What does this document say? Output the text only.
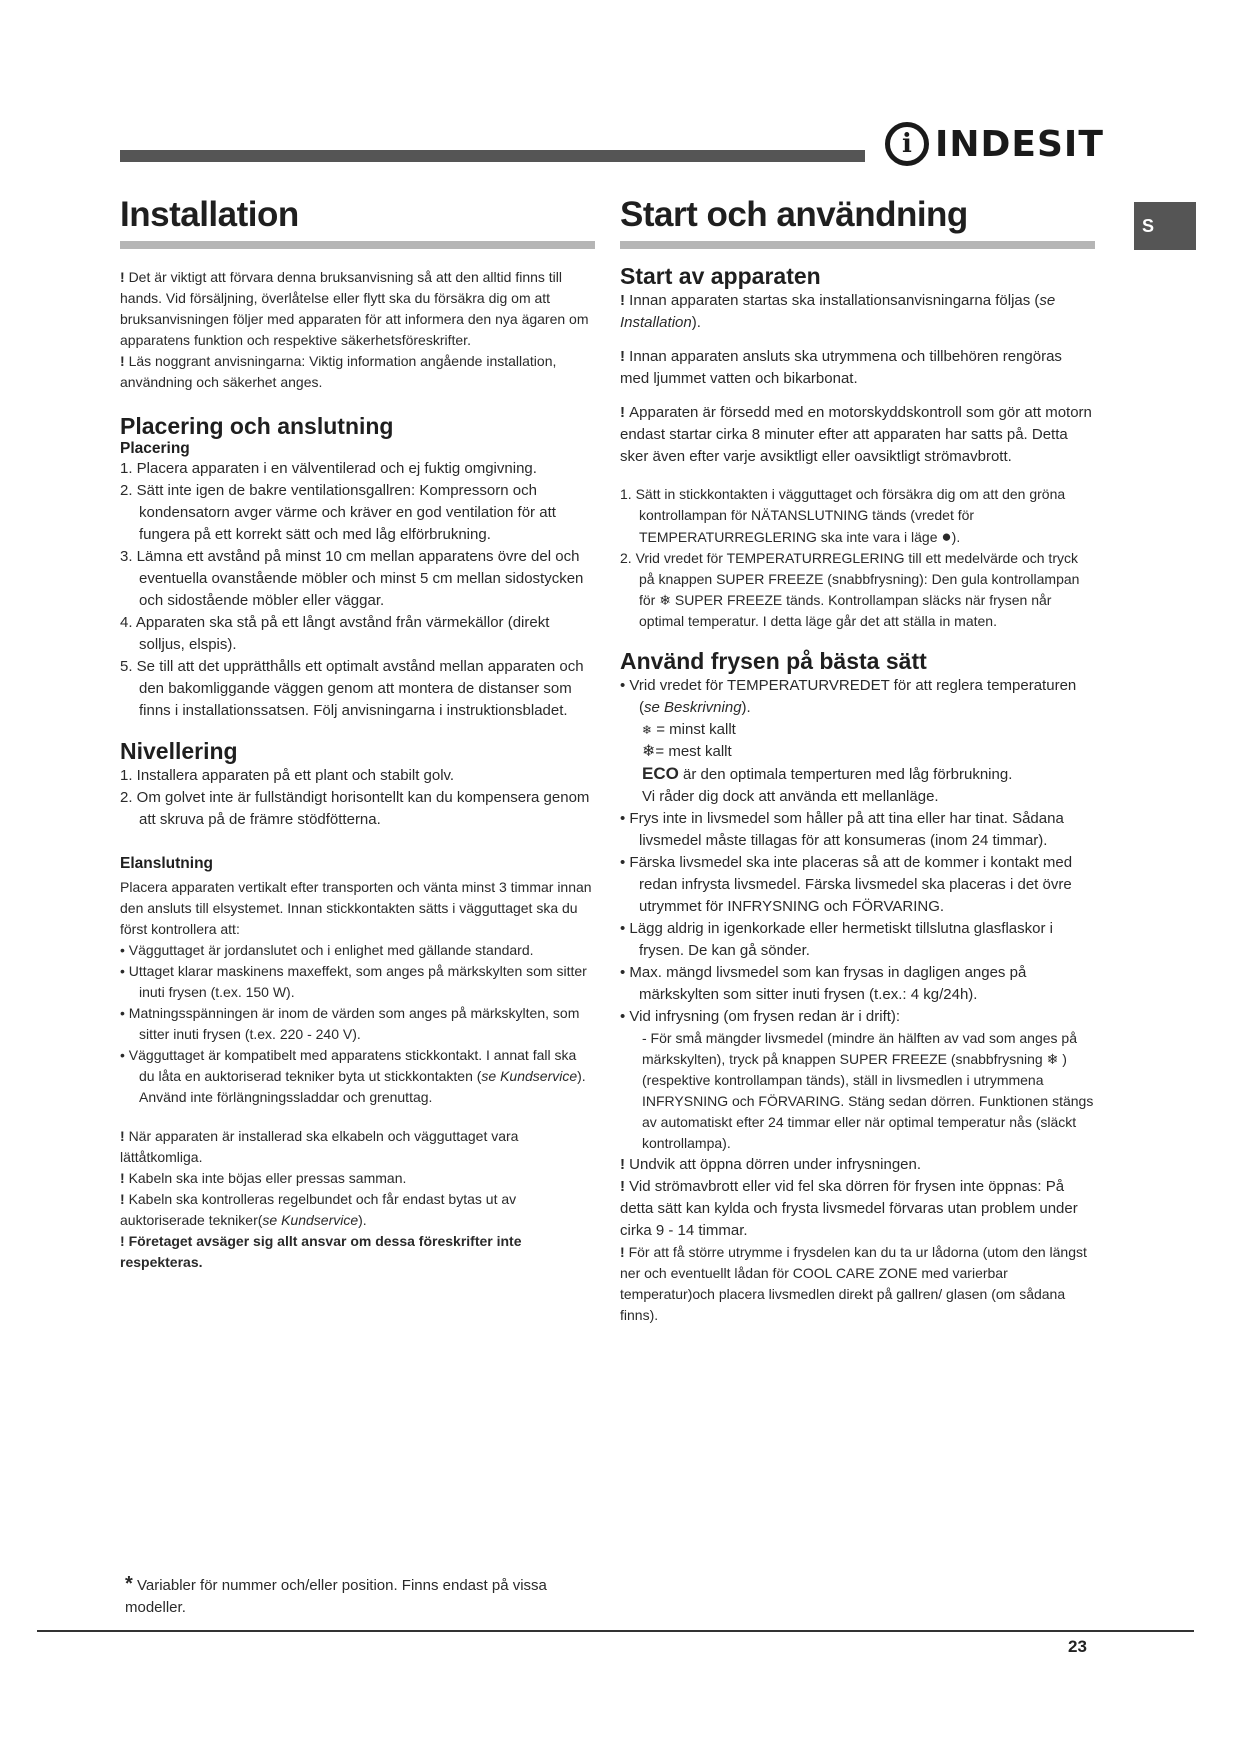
i INDESIT
S
Installation

! Det är viktigt att förvara denna bruksanvisning så att den alltid finns till hands. Vid försäljning, överlåtelse eller flytt ska du försäkra dig om att bruksanvisningen följer med apparaten för att informera den nya ägaren om apparatens funktion och respektive säkerhetsföreskrifter.

! Läs noggrant anvisningarna: Viktig information angående installation, användning och säkerhet anges.

Placering och anslutning
Placering
1. Placera apparaten i en välventilerad och ej fuktig omgivning.
2. Sätt inte igen de bakre ventilationsgallren: Kompressorn och kondensatorn avger värme och kräver en god ventilation för att fungera på ett korrekt sätt och med låg elförbrukning.
3. Lämna ett avstånd på minst 10 cm mellan apparatens övre del och eventuella ovanstående möbler och minst 5 cm mellan sidostycken och sidostående möbler eller väggar.
4. Apparaten ska stå på ett långt avstånd från värmekällor (direkt solljus, elspis).
5. Se till att det upprätthålls ett optimalt avstånd mellan apparaten och den bakomliggande väggen genom att montera de distanser som finns i installationssatsen. Följ anvisningarna i instruktionsbladet.
Nivellering
1. Installera apparaten på ett plant och stabilt golv.
2. Om golvet inte är fullständigt horisontellt kan du kompensera genom att skruva på de främre stödfötterna.
Elanslutning

Placera apparaten vertikalt efter transporten och vänta minst 3 timmar innan den ansluts till elsystemet. Innan stickkontakten sätts i vägguttaget ska du först kontrollera att:

• Vägguttaget är jordanslutet och i enlighet med gällande standard.
• Uttaget klarar maskinens maxeffekt, som anges på märkskylten som sitter inuti frysen (t.ex. 150 W).
• Matningsspänningen är inom de värden som anges på märkskylten, som sitter inuti frysen (t.ex. 220 - 240 V).
• Vägguttaget är kompatibelt med apparatens stickkontakt. I annat fall ska du låta en auktoriserad tekniker byta ut stickkontakten (se Kundservice). Använd inte förlängningssladdar och grenuttag.

! När apparaten är installerad ska elkabeln och vägguttaget vara lättåtkomliga.

! Kabeln ska inte böjas eller pressas samman.

! Kabeln ska kontrolleras regelbundet och får endast bytas ut av auktoriserade tekniker(se Kundservice).

! Företaget avsäger sig allt ansvar om dessa föreskrifter inte respekteras.

* Variabler för nummer och/eller position. Finns endast på vissa modeller.
Start och användning
Start av apparaten

! Innan apparaten startas ska installationsanvisningarna följas (se Installation).

! Innan apparaten ansluts ska utrymmena och tillbehören rengöras med ljummet vatten och bikarbonat.

! Apparaten är försedd med en motorskyddskontroll som gör att motorn endast startar cirka 8 minuter efter att apparaten har satts på. Detta sker även efter varje avsiktligt eller oavsiktligt strömavbrott.

1. Sätt in stickkontakten i vägguttaget och försäkra dig om att den gröna kontrollampan för NÄTANSLUTNING tänds (vredet för TEMPERATURREGLERING ska inte vara i läge ●).
2. Vrid vredet för TEMPERATURREGLERING till ett medelvärde och tryck på knappen SUPER FREEZE (snabbfrysning): Den gula kontrollampan för ❄ SUPER FREEZE tänds. Kontrollampan släcks när frysen når optimal temperatur. I detta läge går det att ställa in maten.
Använd frysen på bästa sätt
• Vrid vredet för TEMPERATURVREDET för att reglera temperaturen (se Beskrivning).

❄ = minst kallt

❄= mest kallt

ECO är den optimala temperturen med låg förbrukning.

Vi råder dig dock att använda ett mellanläge.

• Frys inte in livsmedel som håller på att tina eller har tinat. Sådana livsmedel måste tillagas för att konsumeras (inom 24 timmar).
• Färska livsmedel ska inte placeras så att de kommer i kontakt med redan infrysta livsmedel. Färska livsmedel ska placeras i det övre utrymmet för INFRYSNING och FÖRVARING.
• Lägg aldrig in igenkorkade eller hermetiskt tillslutna glasflaskor i frysen. De kan gå sönder.
• Max. mängd livsmedel som kan frysas in dagligen anges på märkskylten som sitter inuti frysen (t.ex.: 4 kg/24h).
• Vid infrysning (om frysen redan är i drift):

- För små mängder livsmedel (mindre än hälften av vad som anges på märkskylten), tryck på knappen SUPER FREEZE (snabbfrysning ❄ ) (respektive kontrollampan tänds), ställ in livsmedlen i utrymmena INFRYSNING och FÖRVARING. Stäng sedan dörren. Funktionen stängs av automatiskt efter 24 timmar eller när optimal temperatur nås (släckt kontrollampa).

! Undvik att öppna dörren under infrysningen.

! Vid strömavbrott eller vid fel ska dörren för frysen inte öppnas: På detta sätt kan kylda och frysta livsmedel förvaras utan problem under cirka 9 - 14 timmar.

! För att få större utrymme i frysdelen kan du ta ur lådorna (utom den längst ner och eventuellt lådan för COOL CARE ZONE med varierbar temperatur)och placera livsmedlen direkt på gallren/ glasen (om sådana finns).

23
